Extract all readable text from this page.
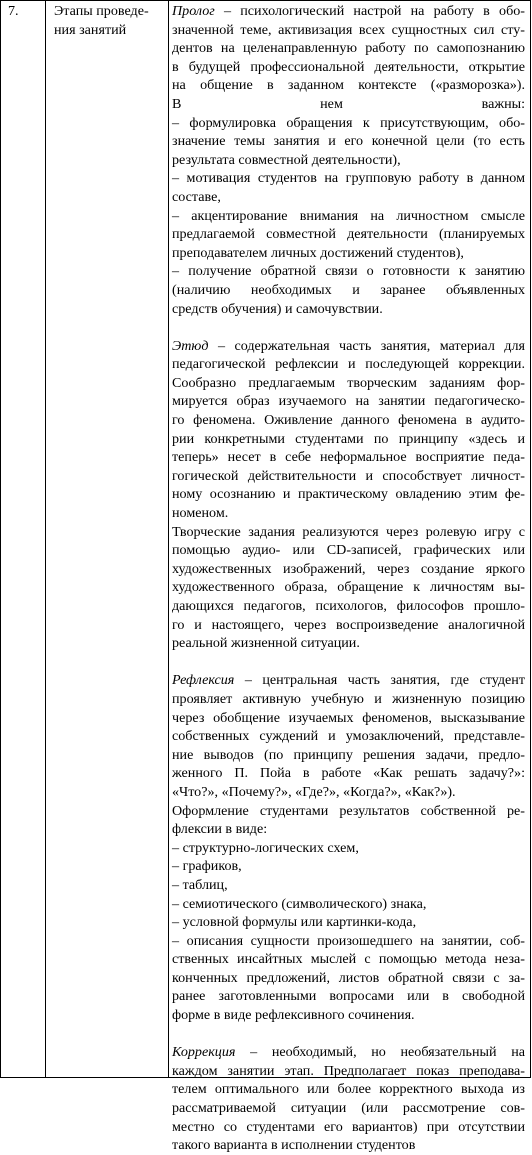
7.	Этапы проведе-
ния занятий
Пролог – психологический настрой на работу в обо-
значенной теме, активизация всех сущностных сил сту-
дентов на целенаправленную работу по самопознанию
в будущей профессиональной деятельности, открытие
на общение в заданном контексте («разморозка»).
В нем важны:
– формулировка обращения к присутствующим, обо-
значение темы занятия и его конечной цели (то есть
результата совместной деятельности),
– мотивация студентов на групповую работу в данном
составе,
– акцентирование внимания на личностном смысле
предлагаемой совместной деятельности (планируемых
преподавателем личных достижений студентов),
– получение обратной связи о готовности к занятию
(наличию необходимых и заранее объявленных
средств обучения) и самочувствии.
Этюд – содержательная часть занятия, материал для
педагогической рефлексии и последующей коррекции.
Сообразно предлагаемым творческим заданиям фор-
мируется образ изучаемого на занятии педагогическо-
го феномена. Оживление данного феномена в аудито-
рии конкретными студентами по принципу «здесь и
теперь» несет в себе неформальное восприятие педа-
гогической действительности и способствует личност-
ному осознанию и практическому овладению этим фе-
номеном.
Творческие задания реализуются через ролевую игру с
помощью аудио- или CD-записей, графических или
художественных изображений, через создание яркого
художественного образа, обращение к личностям вы-
дающихся педагогов, психологов, философов прошло-
го и настоящего, через воспроизведение аналогичной
реальной жизненной ситуации.
Рефлексия – центральная часть занятия, где студент
проявляет активную учебную и жизненную позицию
через обобщение изучаемых феноменов, высказывание
собственных суждений и умозаключений, представле-
ние выводов (по принципу решения задачи, предло-
женного П. Пойа в работе «Как решать задачу?»:
«Что?», «Почему?», «Где?», «Когда?», «Как?»).
Оформление студентами результатов собственной ре-
флексии в виде:
– структурно-логических схем,
– графиков,
– таблиц,
– семиотического (символического) знака,
– условной формулы или картинки-кода,
– описания сущности произошедшего на занятии, соб-
ственных инсайтных мыслей с помощью метода неза-
конченных предложений, листов обратной связи с за-
ранее заготовленными вопросами или в свободной
форме в виде рефлексивного сочинения.
Коррекция – необходимый, но необязательный на
каждом занятии этап. Предполагает показ преподава-
телем оптимального или более корректного выхода из
рассматриваемой ситуации (или рассмотрение сов-
местно со студентами его вариантов) при отсутствии
такого варианта в исполнении студентов
